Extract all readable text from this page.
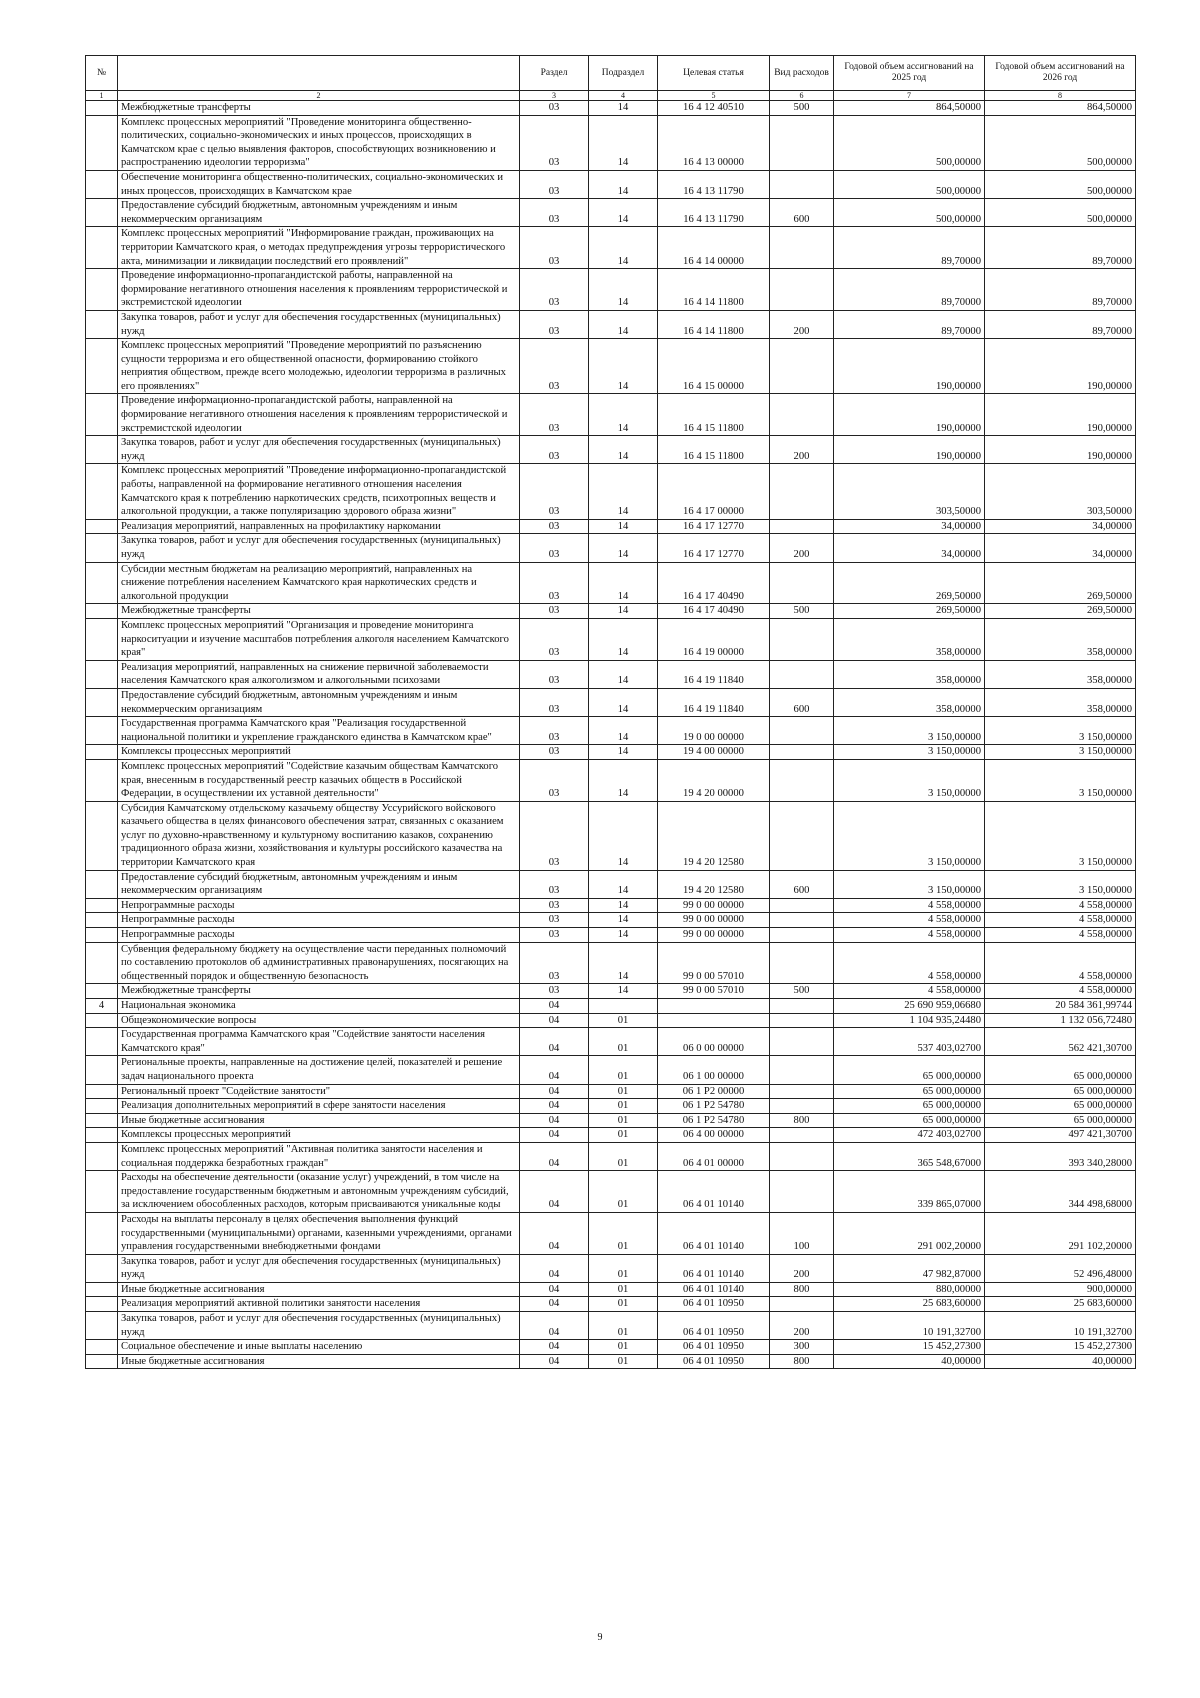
№		Раздел	Подраздел	Целевая статья	Вид расходов	Годовой объем ассигнований на 2025 год	Годовой объем ассигнований на 2026 год
1	2	3	4	5	6	7	8
	Межбюджетные трансферты	03	14	16 4 12 40510	500	864,50000	864,50000
	Комплекс процессных мероприятий "Проведение мониторинга общественно-политических, социально-экономических и иных процессов, происходящих в Камчатском крае с целью выявления факторов, способствующих возникновению и распространению идеологии терроризма"	03	14	16 4 13 00000		500,00000	500,00000
	Обеспечение мониторинга общественно-политических, социально-экономических и иных процессов, происходящих в Камчатском крае	03	14	16 4 13 11790		500,00000	500,00000
	Предоставление субсидий бюджетным, автономным учреждениям и иным некоммерческим организациям	03	14	16 4 13 11790	600	500,00000	500,00000
	Комплекс процессных мероприятий "Информирование граждан, проживающих на территории Камчатского края, о методах предупреждения угрозы террористического акта, минимизации и ликвидации последствий его проявлений"	03	14	16 4 14 00000		89,70000	89,70000
	Проведение информационно-пропагандистской работы, направленной на формирование негативного отношения населения к проявлениям террористической и экстремистской идеологии	03	14	16 4 14 11800		89,70000	89,70000
	Закупка товаров, работ и услуг для обеспечения государственных (муниципальных) нужд	03	14	16 4 14 11800	200	89,70000	89,70000
	Комплекс процессных мероприятий "Проведение мероприятий по разъяснению сущности терроризма и его общественной опасности, формированию стойкого неприятия обществом, прежде всего молодежью, идеологии терроризма в различных его проявлениях"	03	14	16 4 15 00000		190,00000	190,00000
	Проведение информационно-пропагандистской работы, направленной на формирование негативного отношения населения к проявлениям террористической и экстремистской идеологии	03	14	16 4 15 11800		190,00000	190,00000
	Закупка товаров, работ и услуг для обеспечения государственных (муниципальных) нужд	03	14	16 4 15 11800	200	190,00000	190,00000
	Комплекс процессных мероприятий "Проведение информационно-пропагандистской работы, направленной на формирование негативного отношения населения Камчатского края к потреблению наркотических средств, психотропных веществ и алкогольной продукции, а также популяризацию здорового образа жизни"	03	14	16 4 17 00000		303,50000	303,50000
	Реализация мероприятий, направленных на профилактику наркомании	03	14	16 4 17 12770		34,00000	34,00000
	Закупка товаров, работ и услуг для обеспечения государственных (муниципальных) нужд	03	14	16 4 17 12770	200	34,00000	34,00000
	Субсидии местным бюджетам на реализацию мероприятий, направленных на снижение потребления населением Камчатского края наркотических средств и алкогольной продукции	03	14	16 4 17 40490		269,50000	269,50000
	Межбюджетные трансферты	03	14	16 4 17 40490	500	269,50000	269,50000
	Комплекс процессных мероприятий "Организация и проведение мониторинга наркоситуации и изучение масштабов потребления алкоголя населением Камчатского края"	03	14	16 4 19 00000		358,00000	358,00000
	Реализация мероприятий, направленных на снижение первичной заболеваемости населения Камчатского края алкоголизмом и алкогольными психозами	03	14	16 4 19 11840		358,00000	358,00000
	Предоставление субсидий бюджетным, автономным учреждениям и иным некоммерческим организациям	03	14	16 4 19 11840	600	358,00000	358,00000
	Государственная программа Камчатского края "Реализация государственной национальной политики и укрепление гражданского единства в Камчатском крае"	03	14	19 0 00 00000		3 150,00000	3 150,00000
	Комплексы процессных мероприятий	03	14	19 4 00 00000		3 150,00000	3 150,00000
	Комплекс процессных мероприятий "Содействие казачьим обществам Камчатского края, внесенным в государственный реестр казачьих обществ в Российской Федерации, в осуществлении их уставной деятельности"	03	14	19 4 20 00000		3 150,00000	3 150,00000
	Субсидия Камчатскому отдельскому казачьему обществу Уссурийского войскового казачьего общества в целях финансового обеспечения затрат, связанных с оказанием услуг по духовно-нравственному и культурному воспитанию казаков, сохранению традиционного образа жизни, хозяйствования и культуры российского казачества на территории Камчатского края	03	14	19 4 20 12580		3 150,00000	3 150,00000
	Предоставление субсидий бюджетным, автономным учреждениям и иным некоммерческим организациям	03	14	19 4 20 12580	600	3 150,00000	3 150,00000
	Непрограммные расходы	03	14	99 0 00 00000		4 558,00000	4 558,00000
	Непрограммные расходы	03	14	99 0 00 00000		4 558,00000	4 558,00000
	Непрограммные расходы	03	14	99 0 00 00000		4 558,00000	4 558,00000
	Субвенция федеральному бюджету на осуществление части переданных полномочий по составлению протоколов об административных правонарушениях, посягающих на общественный порядок и общественную безопасность	03	14	99 0 00 57010		4 558,00000	4 558,00000
	Межбюджетные трансферты	03	14	99 0 00 57010	500	4 558,00000	4 558,00000
4	Национальная экономика	04				25 690 959,06680	20 584 361,99744
	Общеэкономические вопросы	04	01			1 104 935,24480	1 132 056,72480
	Государственная программа Камчатского края "Содействие занятости населения Камчатского края"	04	01	06 0 00 00000		537 403,02700	562 421,30700
	Региональные проекты, направленные на достижение целей, показателей и решение задач национального проекта	04	01	06 1 00 00000		65 000,00000	65 000,00000
	Региональный проект "Содействие занятости"	04	01	06 1 P2 00000		65 000,00000	65 000,00000
	Реализация дополнительных мероприятий в сфере занятости населения	04	01	06 1 P2 54780		65 000,00000	65 000,00000
	Иные бюджетные ассигнования	04	01	06 1 P2 54780	800	65 000,00000	65 000,00000
	Комплексы процессных мероприятий	04	01	06 4 00 00000		472 403,02700	497 421,30700
	Комплекс процессных мероприятий "Активная политика занятости населения и социальная поддержка безработных граждан"	04	01	06 4 01 00000		365 548,67000	393 340,28000
	Расходы на обеспечение деятельности (оказание услуг) учреждений, в том числе на предоставление государственным бюджетным и автономным учреждениям субсидий, за исключением обособленных расходов, которым присваиваются уникальные коды	04	01	06 4 01 10140		339 865,07000	344 498,68000
	Расходы на выплаты персоналу в целях обеспечения выполнения функций государственными (муниципальными) органами, казенными учреждениями, органами управления государственными внебюджетными фондами	04	01	06 4 01 10140	100	291 002,20000	291 102,20000
	Закупка товаров, работ и услуг для обеспечения государственных (муниципальных) нужд	04	01	06 4 01 10140	200	47 982,87000	52 496,48000
	Иные бюджетные ассигнования	04	01	06 4 01 10140	800	880,00000	900,00000
	Реализация мероприятий активной политики занятости населения	04	01	06 4 01 10950		25 683,60000	25 683,60000
	Закупка товаров, работ и услуг для обеспечения государственных (муниципальных) нужд	04	01	06 4 01 10950	200	10 191,32700	10 191,32700
	Социальное обеспечение и иные выплаты населению	04	01	06 4 01 10950	300	15 452,27300	15 452,27300
	Иные бюджетные ассигнования	04	01	06 4 01 10950	800	40,00000	40,00000
9
